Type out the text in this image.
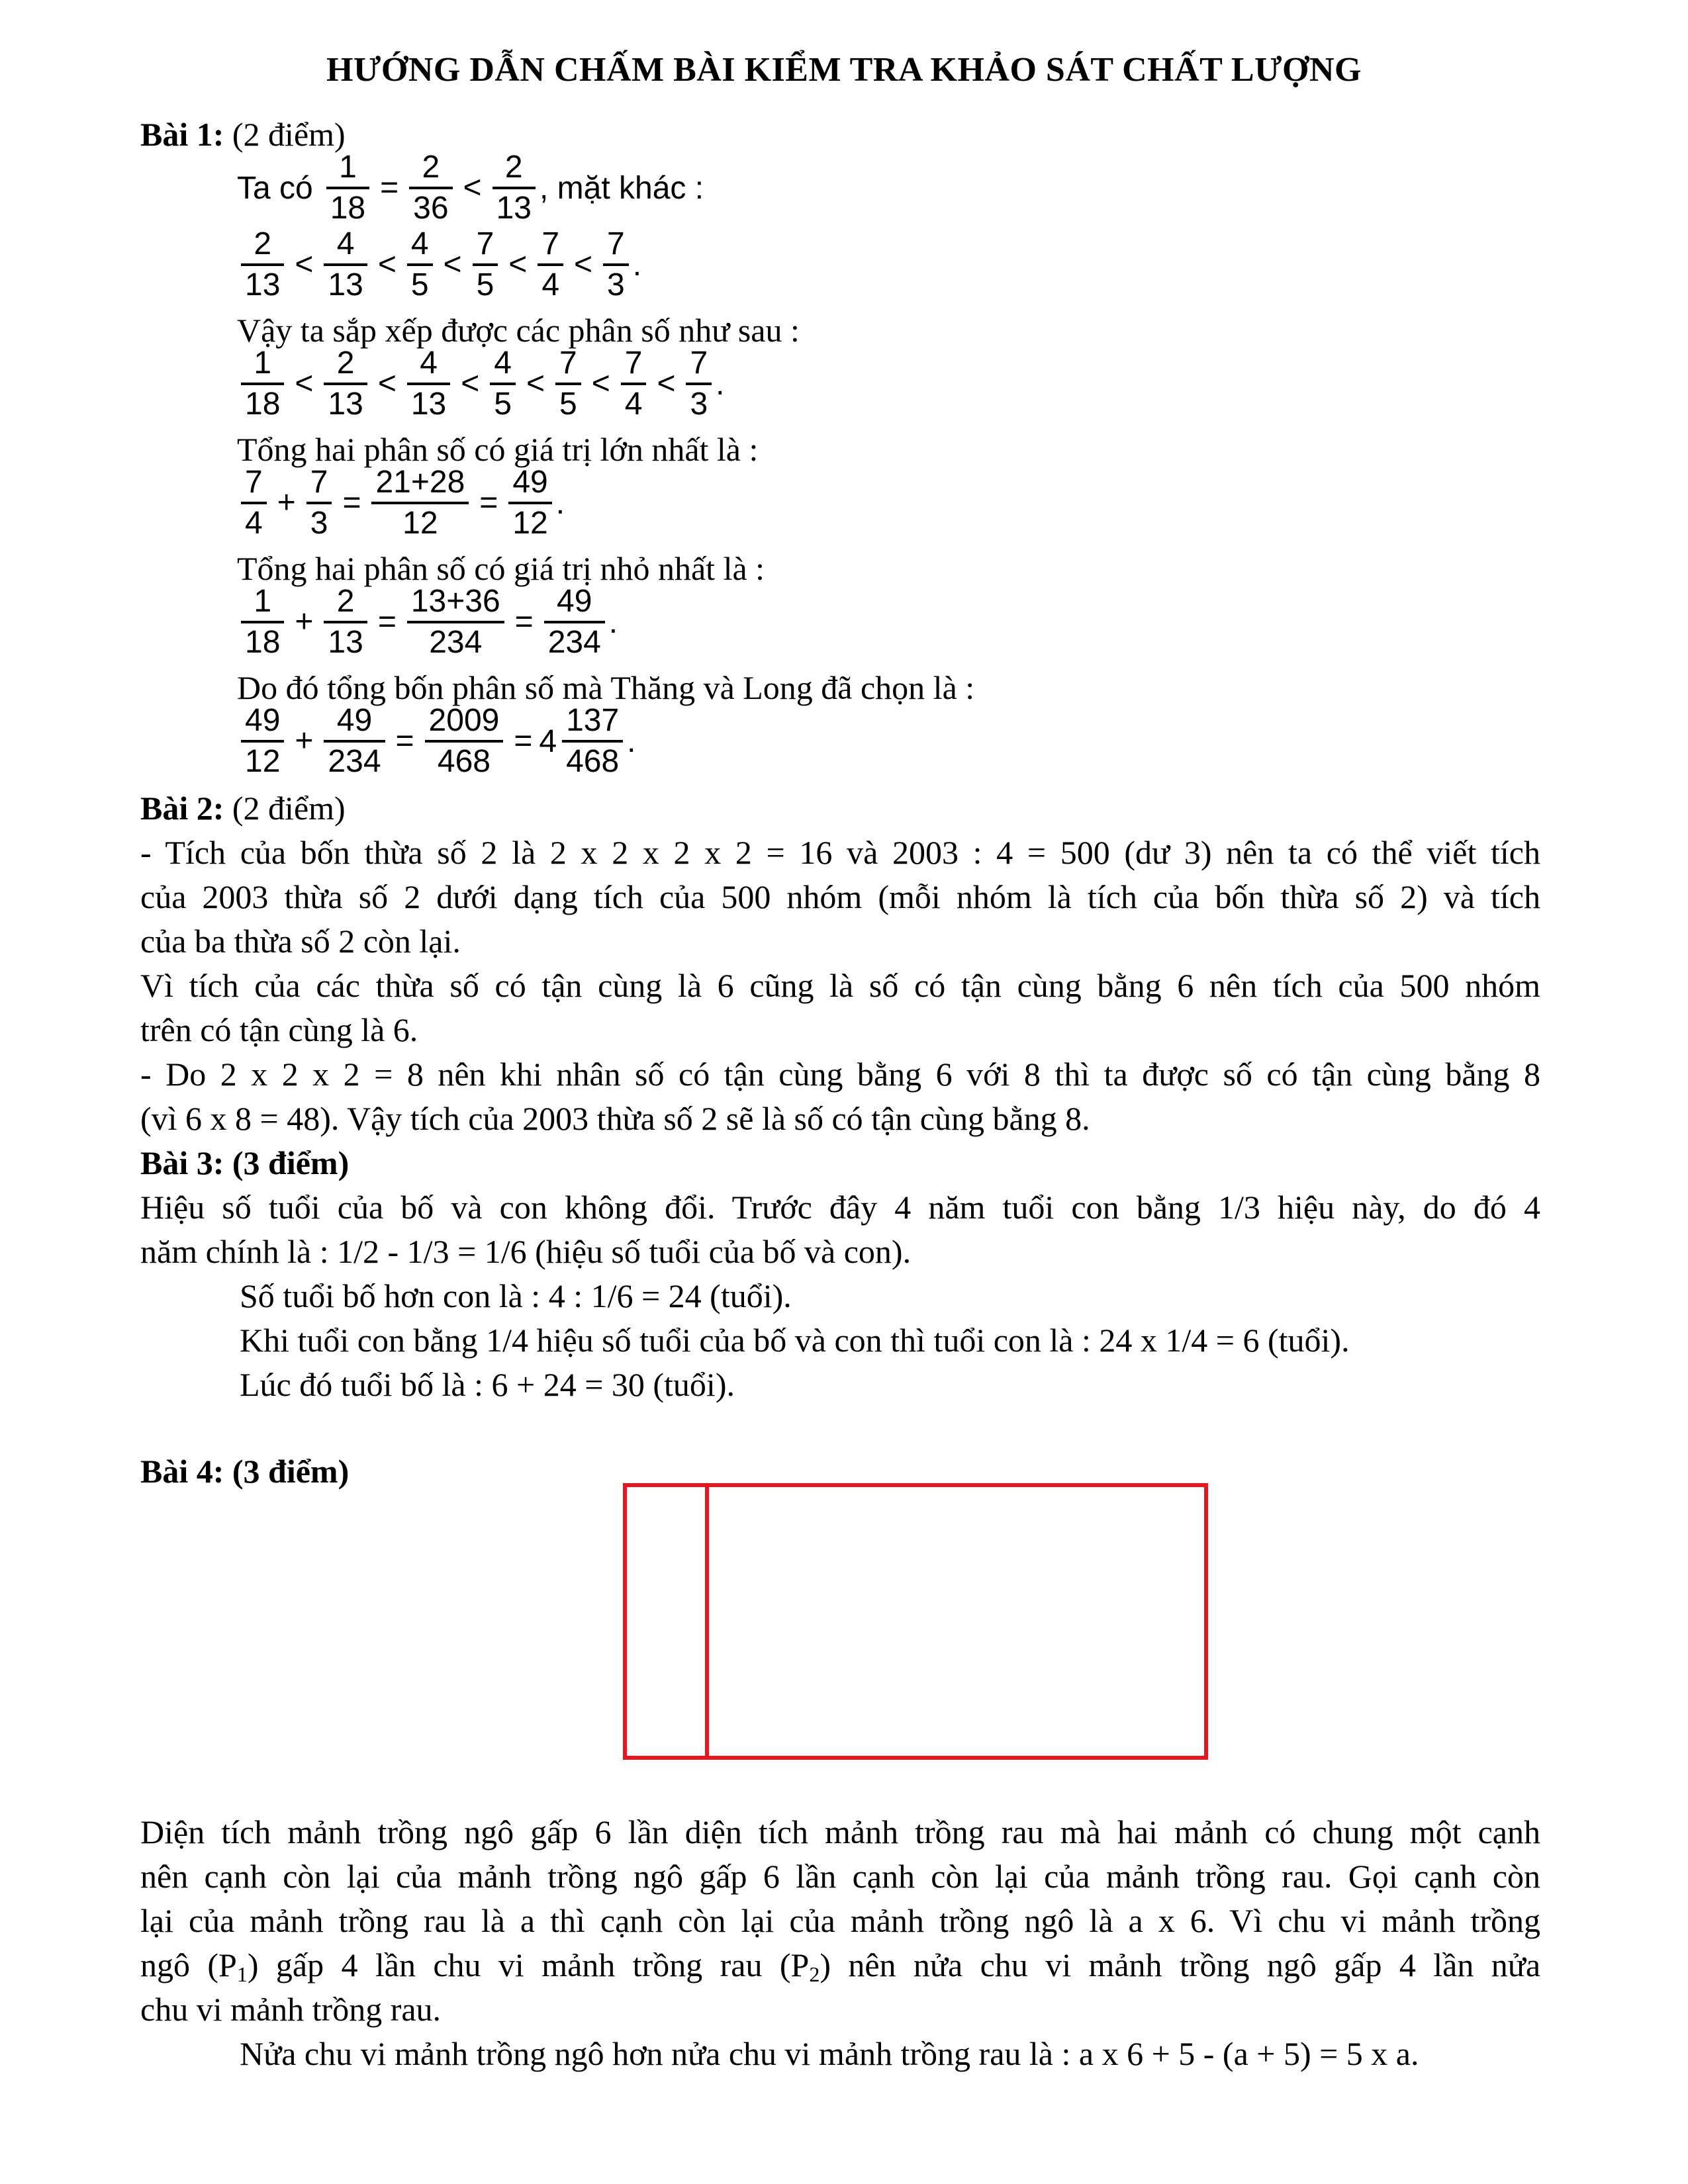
HƯỚNG DẪN CHẤM BÀI KIỂM TRA KHẢO SÁT CHẤT LƯỢNG
Bài 1: (2 điểm)
Ta có $\frac{1}{18} = \frac{2}{36} < \frac{2}{13}$ , mặt khác :
$\frac{2}{13} < \frac{4}{13} < \frac{4}{5} < \frac{7}{5} < \frac{7}{4} < \frac{7}{3}$ .
Vậy ta sắp xếp được các phân số như sau :
$\frac{1}{18} < \frac{2}{13} < \frac{4}{13} < \frac{4}{5} < \frac{7}{5} < \frac{7}{4} < \frac{7}{3}$ .
Tổng hai phân số có giá trị lớn nhất là :
$\frac{7}{4} + \frac{7}{3} = \frac{21+28}{12} = \frac{49}{12}$ .
Tổng hai phân số có giá trị nhỏ nhất là :
$\frac{1}{18} + \frac{2}{13} = \frac{13+36}{234} = \frac{49}{234}$ .
Do đó tổng bốn phân số mà Thăng và Long đã chọn là :
$\frac{49}{12} + \frac{49}{234} = \frac{2009}{468} = 4 \frac{137}{468}$ .
Bài 2: (2 điểm)
- Tích của bốn thừa số 2 là 2 x 2 x 2 x 2 = 16 và 2003 : 4 = 500 (dư 3) nên ta có thể viết tích
của 2003 thừa số 2 dưới dạng tích của 500 nhóm (mỗi nhóm là tích của bốn thừa số 2) và tích
của ba thừa số 2 còn lại.
Vì tích của các thừa số có tận cùng là 6 cũng là số có tận cùng bằng 6 nên tích của 500 nhóm
trên có tận cùng là 6.
- Do 2 x 2 x 2 = 8 nên khi nhân số có tận cùng bằng 6 với 8 thì ta được số có tận cùng bằng 8
(vì 6 x 8 = 48). Vậy tích của 2003 thừa số 2 sẽ là số có tận cùng bằng 8.
Bài 3: (3 điểm)
Hiệu số tuổi của bố và con không đổi. Trước đây 4 năm tuổi con bằng 1/3 hiệu này, do đó 4
năm chính là : 1/2 - 1/3 = 1/6 (hiệu số tuổi của bố và con).
Số tuổi bố hơn con là : 4 : 1/6 = 24 (tuổi).
Khi tuổi con bằng 1/4 hiệu số tuổi của bố và con thì tuổi con là : 24 x 1/4 = 6 (tuổi).
Lúc đó tuổi bố là : 6 + 24 = 30 (tuổi).
Bài 4: (3 điểm)
Diện tích mảnh trồng ngô gấp 6 lần diện tích mảnh trồng rau mà hai mảnh có chung một cạnh
nên cạnh còn lại của mảnh trồng ngô gấp 6 lần cạnh còn lại của mảnh trồng rau. Gọi cạnh còn
lại của mảnh trồng rau là a thì cạnh còn lại của mảnh trồng ngô là a x 6. Vì chu vi mảnh trồng
ngô $(P_1)$ gấp 4 lần chu vi mảnh trồng rau $(P_2)$ nên nửa chu vi mảnh trồng ngô gấp 4 lần nửa
chu vi mảnh trồng rau.
Nửa chu vi mảnh trồng ngô hơn nửa chu vi mảnh trồng rau là : a x 6 + 5 - (a + 5) = 5 x a.
